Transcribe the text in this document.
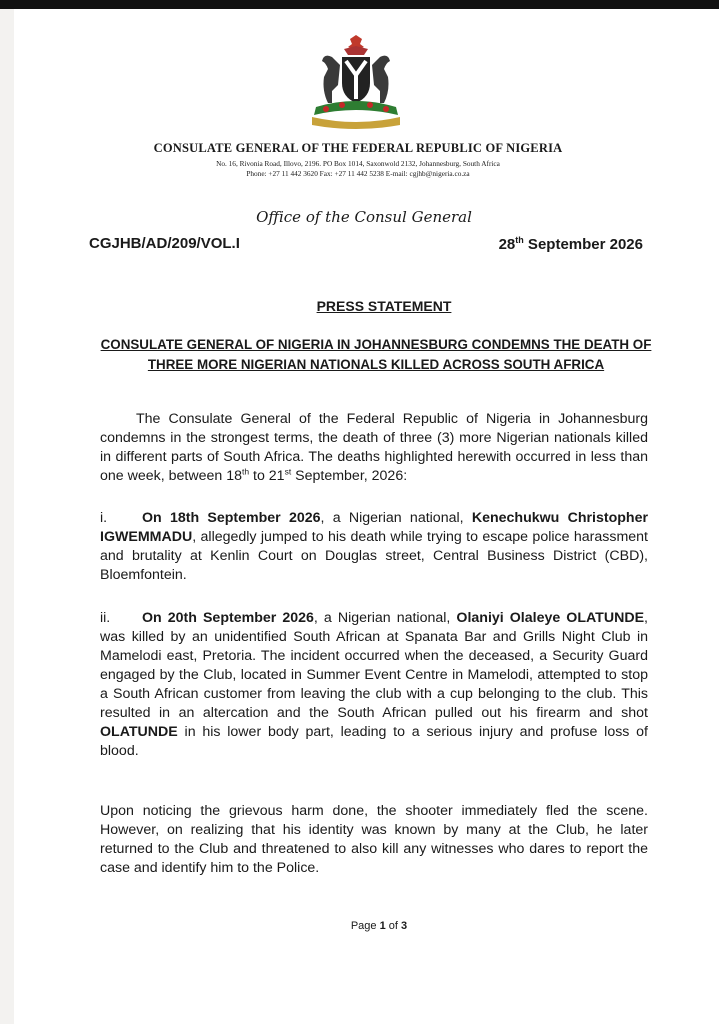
CONSULATE GENERAL OF THE FEDERAL REPUBLIC OF NIGERIA
No. 16, Rivonia Road, Illovo, 2196. PO Box 1014, Saxonwold 2132, Johannesburg, South Africa
Phone: +27 11 442 3620 Fax: +27 11 442 5238 E-mail: cgjhb@nigeria.co.za
Office of the Consul General
CGJHB/AD/209/VOL.I	28th September 2026
PRESS STATEMENT
CONSULATE GENERAL OF NIGERIA IN JOHANNESBURG CONDEMNS THE DEATH OF THREE MORE NIGERIAN NATIONALS KILLED ACROSS SOUTH AFRICA
The Consulate General of the Federal Republic of Nigeria in Johannesburg condemns in the strongest terms, the death of three (3) more Nigerian nationals killed in different parts of South Africa. The deaths highlighted herewith occurred in less than one week, between 18th to 21st September, 2026:
i. On 18th September 2026, a Nigerian national, Kenechukwu Christopher IGWEMMADU, allegedly jumped to his death while trying to escape police harassment and brutality at Kenlin Court on Douglas street, Central Business District (CBD), Bloemfontein.
ii. On 20th September 2026, a Nigerian national, Olaniyi Olaleye OLATUNDE, was killed by an unidentified South African at Spanata Bar and Grills Night Club in Mamelodi east, Pretoria. The incident occurred when the deceased, a Security Guard engaged by the Club, located in Summer Event Centre in Mamelodi, attempted to stop a South African customer from leaving the club with a cup belonging to the club. This resulted in an altercation and the South African pulled out his firearm and shot OLATUNDE in his lower body part, leading to a serious injury and profuse loss of blood.
Upon noticing the grievous harm done, the shooter immediately fled the scene. However, on realizing that his identity was known by many at the Club, he later returned to the Club and threatened to also kill any witnesses who dares to report the case and identify him to the Police.
Page 1 of 3
